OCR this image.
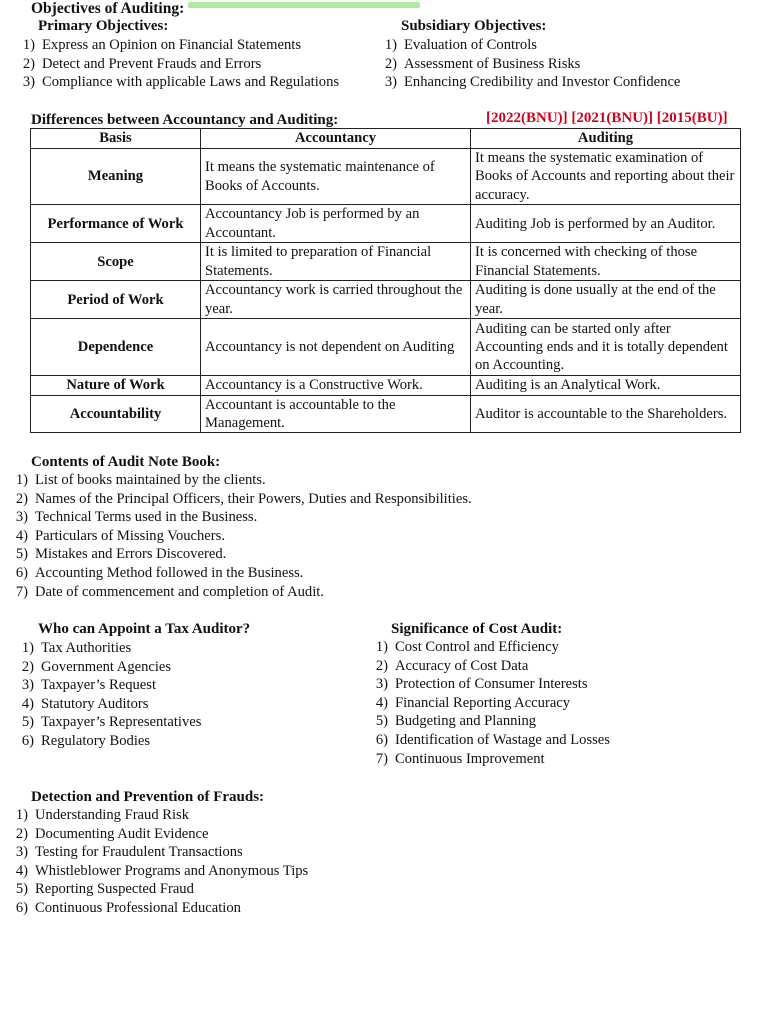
Objectives of Auditing:
Primary Objectives:
1) Express an Opinion on Financial Statements
2) Detect and Prevent Frauds and Errors
3) Compliance with applicable Laws and Regulations
Subsidiary Objectives:
1) Evaluation of Controls
2) Assessment of Business Risks
3) Enhancing Credibility and Investor Confidence
Differences between Accountancy and Auditing:	[2022(BNU)] [2021(BNU)] [2015(BU)]
Basis	Accountancy	Auditing
Meaning	It means the systematic maintenance of Books of Accounts.	It means the systematic examination of Books of Accounts and reporting about their accuracy.
Performance of Work	Accountancy Job is performed by an Accountant.	Auditing Job is performed by an Auditor.
Scope	It is limited to preparation of Financial Statements.	It is concerned with checking of those Financial Statements.
Period of Work	Accountancy work is carried throughout the year.	Auditing is done usually at the end of the year.
Dependence	Accountancy is not dependent on Auditing	Auditing can be started only after Accounting ends and it is totally dependent on Accounting.
Nature of Work	Accountancy is a Constructive Work.	Auditing is an Analytical Work.
Accountability	Accountant is accountable to the Management.	Auditor is accountable to the Shareholders.
Contents of Audit Note Book:
1) List of books maintained by the clients.
2) Names of the Principal Officers, their Powers, Duties and Responsibilities.
3) Technical Terms used in the Business.
4) Particulars of Missing Vouchers.
5) Mistakes and Errors Discovered.
6) Accounting Method followed in the Business.
7) Date of commencement and completion of Audit.
Who can Appoint a Tax Auditor?
1) Tax Authorities
2) Government Agencies
3) Taxpayer’s Request
4) Statutory Auditors
5) Taxpayer’s Representatives
6) Regulatory Bodies
Significance of Cost Audit:
1) Cost Control and Efficiency
2) Accuracy of Cost Data
3) Protection of Consumer Interests
4) Financial Reporting Accuracy
5) Budgeting and Planning
6) Identification of Wastage and Losses
7) Continuous Improvement
Detection and Prevention of Frauds:
1) Understanding Fraud Risk
2) Documenting Audit Evidence
3) Testing for Fraudulent Transactions
4) Whistleblower Programs and Anonymous Tips
5) Reporting Suspected Fraud
6) Continuous Professional Education
